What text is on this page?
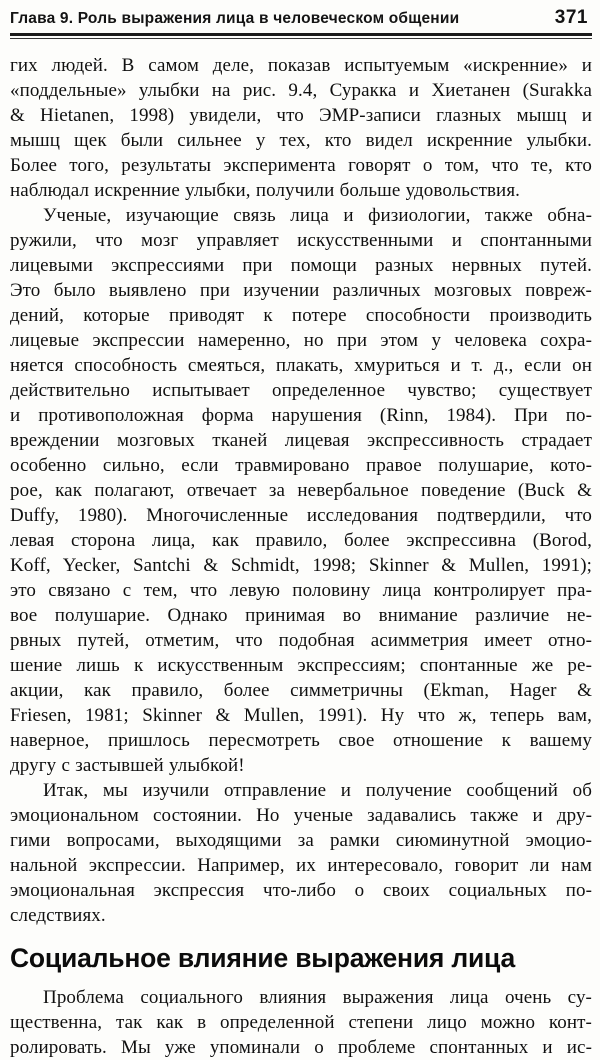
Глава 9. Роль выражения лица в человеческом общении	371
гих людей. В самом деле, показав испытуемым «искренние» и
«поддельные» улыбки на рис. 9.4, Суракка и Хиетанен (Surakka
& Hietanen, 1998) увидели, что ЭМР-записи глазных мышц и
мышц щек были сильнее у тех, кто видел искренние улыбки.
Более того, результаты эксперимента говорят о том, что те, кто
наблюдал искренние улыбки, получили больше удовольствия.
Ученые, изучающие связь лица и физиологии, также обна-
ружили, что мозг управляет искусственными и спонтанными
лицевыми экспрессиями при помощи разных нервных путей.
Это было выявлено при изучении различных мозговых повреж-
дений, которые приводят к потере способности производить
лицевые экспрессии намеренно, но при этом у человека сохра-
няется способность смеяться, плакать, хмуриться и т. д., если он
действительно испытывает определенное чувство; существует
и противоположная форма нарушения (Rinn, 1984). При по-
вреждении мозговых тканей лицевая экспрессивность страдает
особенно сильно, если травмировано правое полушарие, кото-
рое, как полагают, отвечает за невербальное поведение (Buck &
Duffy, 1980). Многочисленные исследования подтвердили, что
левая сторона лица, как правило, более экспрессивна (Borod,
Koff, Yecker, Santchi & Schmidt, 1998; Skinner & Mullen, 1991);
это связано с тем, что левую половину лица контролирует пра-
вое полушарие. Однако принимая во внимание различие не-
рвных путей, отметим, что подобная асимметрия имеет отно-
шение лишь к искусственным экспрессиям; спонтанные же ре-
акции, как правило, более симметричны (Ekman, Hager &
Friesen, 1981; Skinner & Mullen, 1991). Ну что ж, теперь вам,
наверное, пришлось пересмотреть свое отношение к вашему
другу с застывшей улыбкой!
Итак, мы изучили отправление и получение сообщений об
эмоциональном состоянии. Но ученые задавались также и дру-
гими вопросами, выходящими за рамки сиюминутной эмоцио-
нальной экспрессии. Например, их интересовало, говорит ли нам
эмоциональная экспрессия что-либо о своих социальных по-
следствиях.
Социальное влияние выражения лица
Проблема социального влияния выражения лица очень су-
щественна, так как в определенной степени лицо можно конт-
ролировать. Мы уже упоминали о проблеме спонтанных и ис-
